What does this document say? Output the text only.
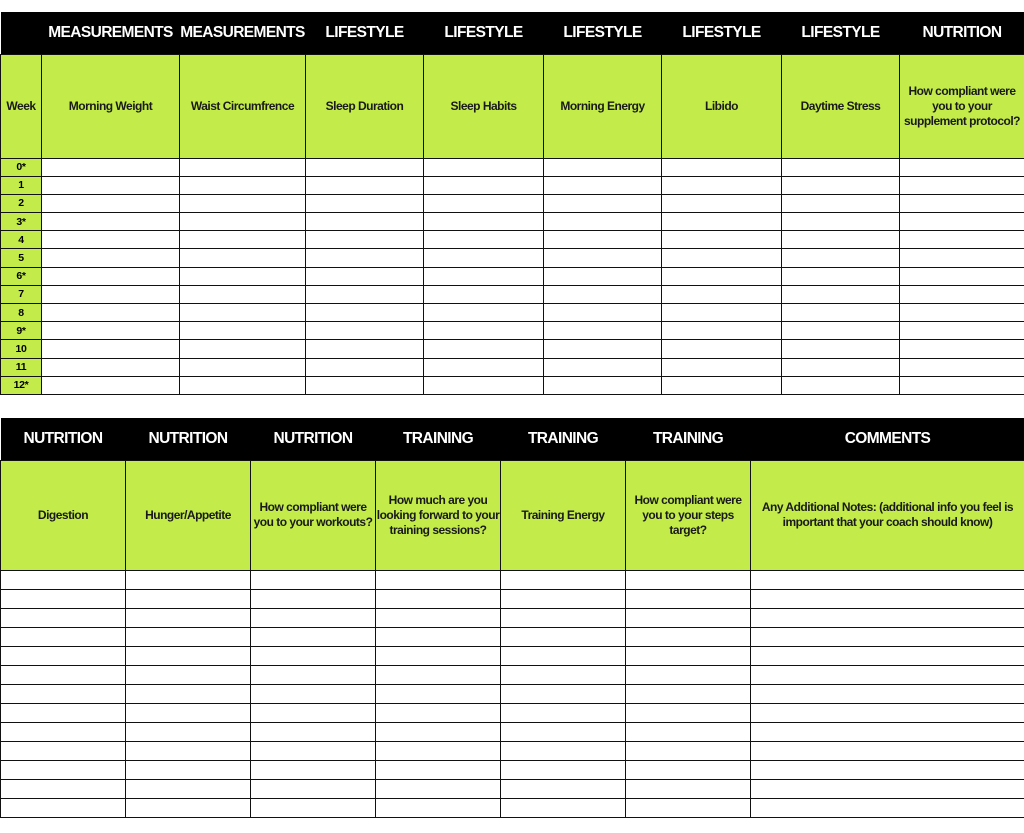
	MEASUREMENTS	MEASUREMENTS	LIFESTYLE	LIFESTYLE	LIFESTYLE	LIFESTYLE	LIFESTYLE	NUTRITION
Week	Morning Weight	Waist Circumfrence	Sleep Duration	Sleep Habits	Morning Energy	Libido	Daytime Stress	How compliant were you to your supplement protocol?
0*								
1								
2								
3*								
4								
5								
6*								
7								
8								
9*								
10								
11								
12*								
NUTRITION	NUTRITION	NUTRITION	TRAINING	TRAINING	TRAINING	COMMENTS
Digestion	Hunger/Appetite	How compliant were you to your workouts?	How much are you looking forward to your training sessions?	Training Energy	How compliant were you to your steps target?	Any Additional Notes: (additional info you feel is important that your coach should know)
